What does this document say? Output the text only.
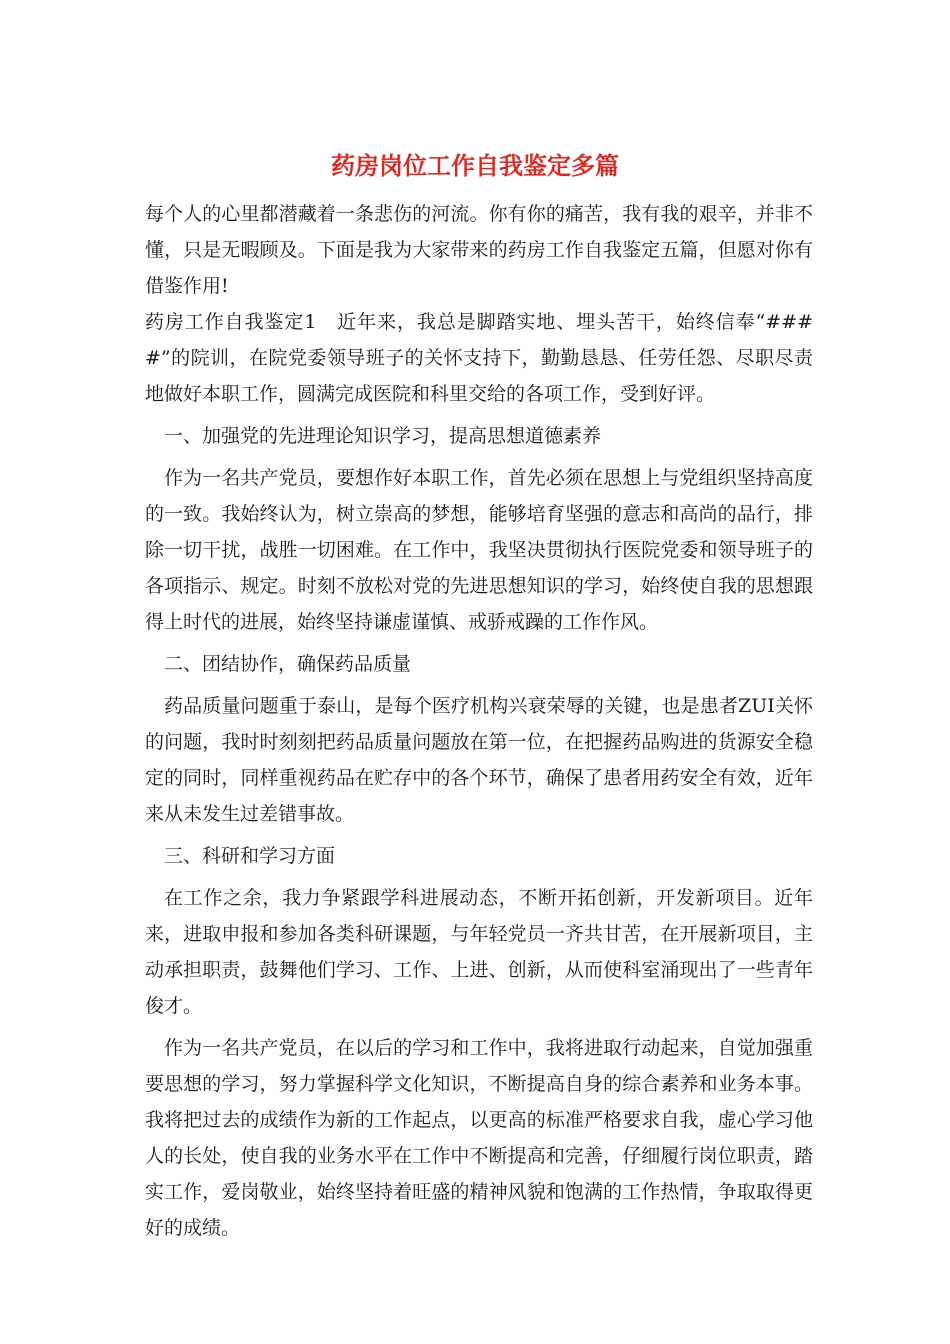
药房岗位工作自我鉴定多篇

每个人的心里都潜藏着一条悲伤的河流。你有你的痛苦，我有我的艰辛，并非不懂，只是无暇顾及。下面是我为大家带来的药房工作自我鉴定五篇，但愿对你有借鉴作用!

药房工作自我鉴定1　近年来，我总是脚踏实地、埋头苦干，始终信奉“####”的院训，在院党委领导班子的关怀支持下，勤勤恳恳、任劳任怨、尽职尽责地做好本职工作，圆满完成医院和科里交给的各项工作，受到好评。

一、加强党的先进理论知识学习，提高思想道德素养

作为一名共产党员，要想作好本职工作，首先必须在思想上与党组织坚持高度的一致。我始终认为，树立崇高的梦想，能够培育坚强的意志和高尚的品行，排除一切干扰，战胜一切困难。在工作中，我坚决贯彻执行医院党委和领导班子的各项指示、规定。时刻不放松对党的先进思想知识的学习，始终使自我的思想跟得上时代的进展，始终坚持谦虚谨慎、戒骄戒躁的工作作风。

二、团结协作，确保药品质量

药品质量问题重于泰山，是每个医疗机构兴衰荣辱的关键，也是患者ZUI关怀的问题，我时时刻刻把药品质量问题放在第一位，在把握药品购进的货源安全稳定的同时，同样重视药品在贮存中的各个环节，确保了患者用药安全有效，近年来从未发生过差错事故。

三、科研和学习方面

在工作之余，我力争紧跟学科进展动态，不断开拓创新，开发新项目。近年来，进取申报和参加各类科研课题，与年轻党员一齐共甘苦，在开展新项目，主动承担职责，鼓舞他们学习、工作、上进、创新，从而使科室涌现出了一些青年俊才。

作为一名共产党员，在以后的学习和工作中，我将进取行动起来，自觉加强重要思想的学习，努力掌握科学文化知识，不断提高自身的综合素养和业务本事。我将把过去的成绩作为新的工作起点，以更高的标准严格要求自我，虚心学习他人的长处，使自我的业务水平在工作中不断提高和完善，仔细履行岗位职责，踏实工作，爱岗敬业，始终坚持着旺盛的精神风貌和饱满的工作热情，争取取得更好的成绩。
